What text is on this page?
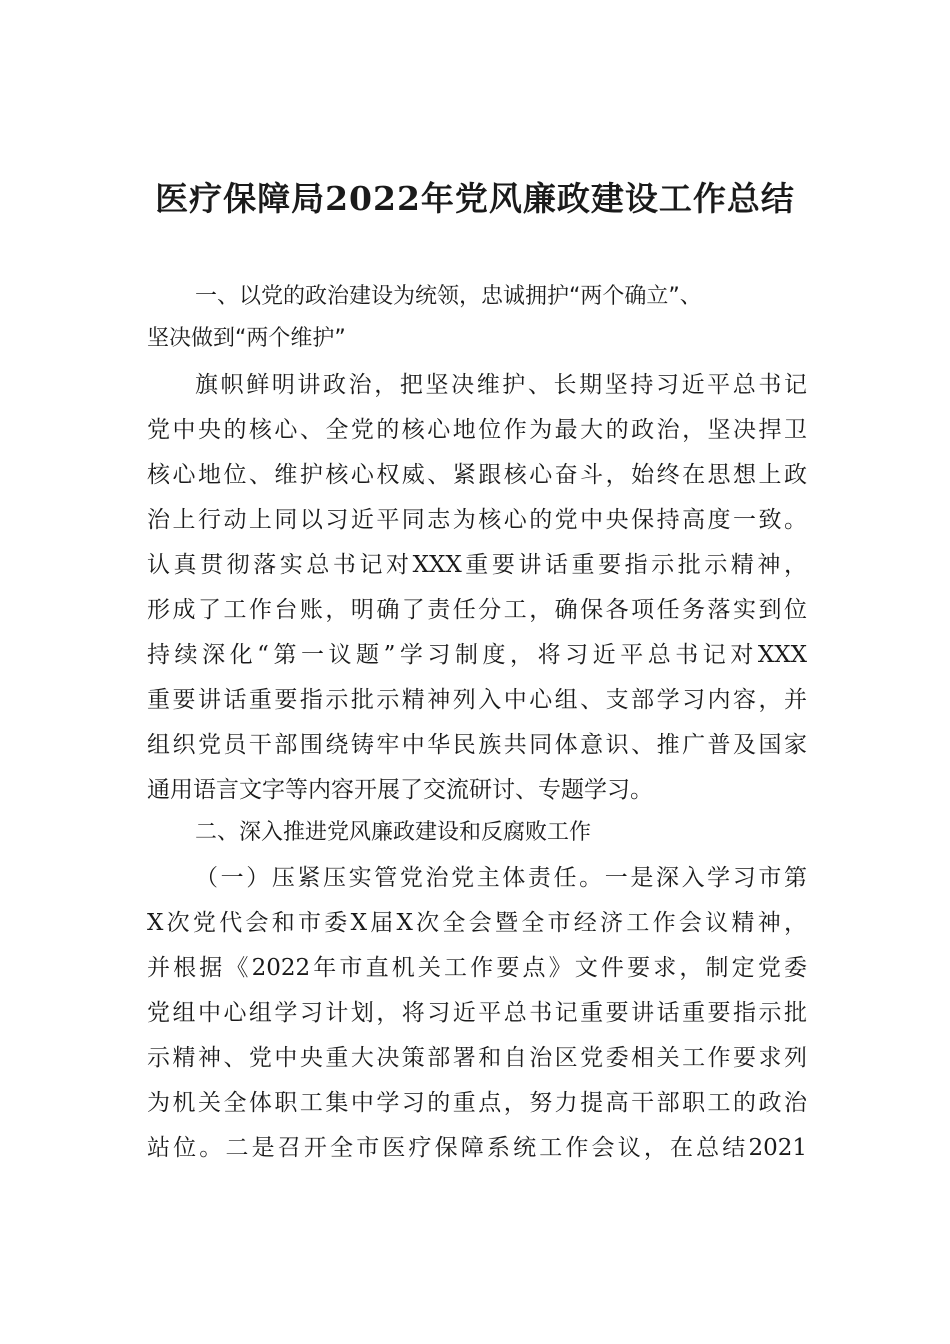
医疗保障局2022年党风廉政建设工作总结
一、以党的政治建设为统领，忠诚拥护“两个确立”、
坚决做到“两个维护”
旗帜鲜明讲政治，把坚决维护、长期坚持习近平总书记
党中央的核心、全党的核心地位作为最大的政治，坚决捍卫
核心地位、维护核心权威、紧跟核心奋斗，始终在思想上政
治上行动上同以习近平同志为核心的党中央保持高度一致。
认真贯彻落实总书记对XXX重要讲话重要指示批示精神，
形成了工作台账，明确了责任分工，确保各项任务落实到位
持续深化“第一议题”学习制度，将习近平总书记对XXX
重要讲话重要指示批示精神列入中心组、支部学习内容，并
组织党员干部围绕铸牢中华民族共同体意识、推广普及国家
通用语言文字等内容开展了交流研讨、专题学习。
二、深入推进党风廉政建设和反腐败工作
（一）压紧压实管党治党主体责任。一是深入学习市第
X次党代会和市委X届X次全会暨全市经济工作会议精神，
并根据《2022年市直机关工作要点》文件要求，制定党委
党组中心组学习计划，将习近平总书记重要讲话重要指示批
示精神、党中央重大决策部署和自治区党委相关工作要求列
为机关全体职工集中学习的重点，努力提高干部职工的政治
站位。二是召开全市医疗保障系统工作会议，在总结2021
